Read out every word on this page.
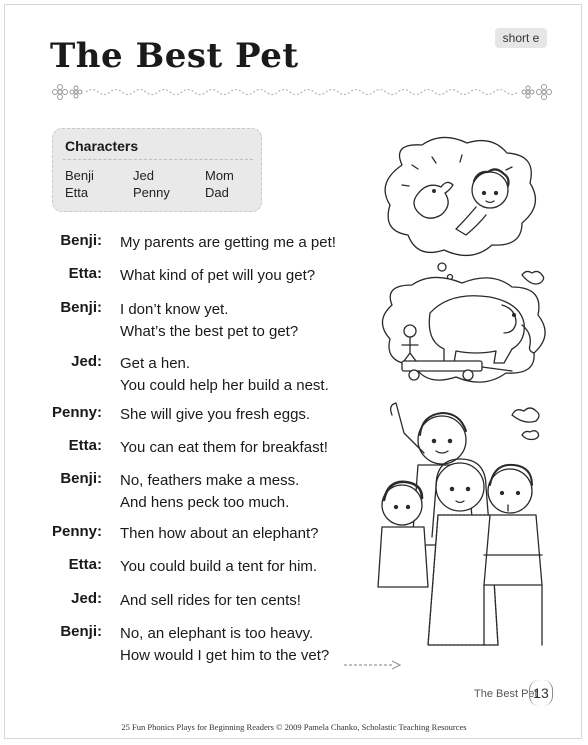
The Best Pet	short e
Characters
Benji	Jed	Mom
Etta	Penny	Dad
Benji: My parents are getting me a pet!
Etta: What kind of pet will you get?
Benji: I don’t know yet.
What’s the best pet to get?
Jed: Get a hen.
You could help her build a nest.
Penny: She will give you fresh eggs.
Etta: You can eat them for breakfast!
Benji: No, feathers make a mess.
And hens peck too much.
Penny: Then how about an elephant?
Etta: You could build a tent for him.
Jed: And sell rides for ten cents!
Benji: No, an elephant is too heavy.
How would I get him to the vet?
The Best Pet
13
25 Fun Phonics Plays for Beginning Readers © 2009 Pamela Chanko, Scholastic Teaching Resources
